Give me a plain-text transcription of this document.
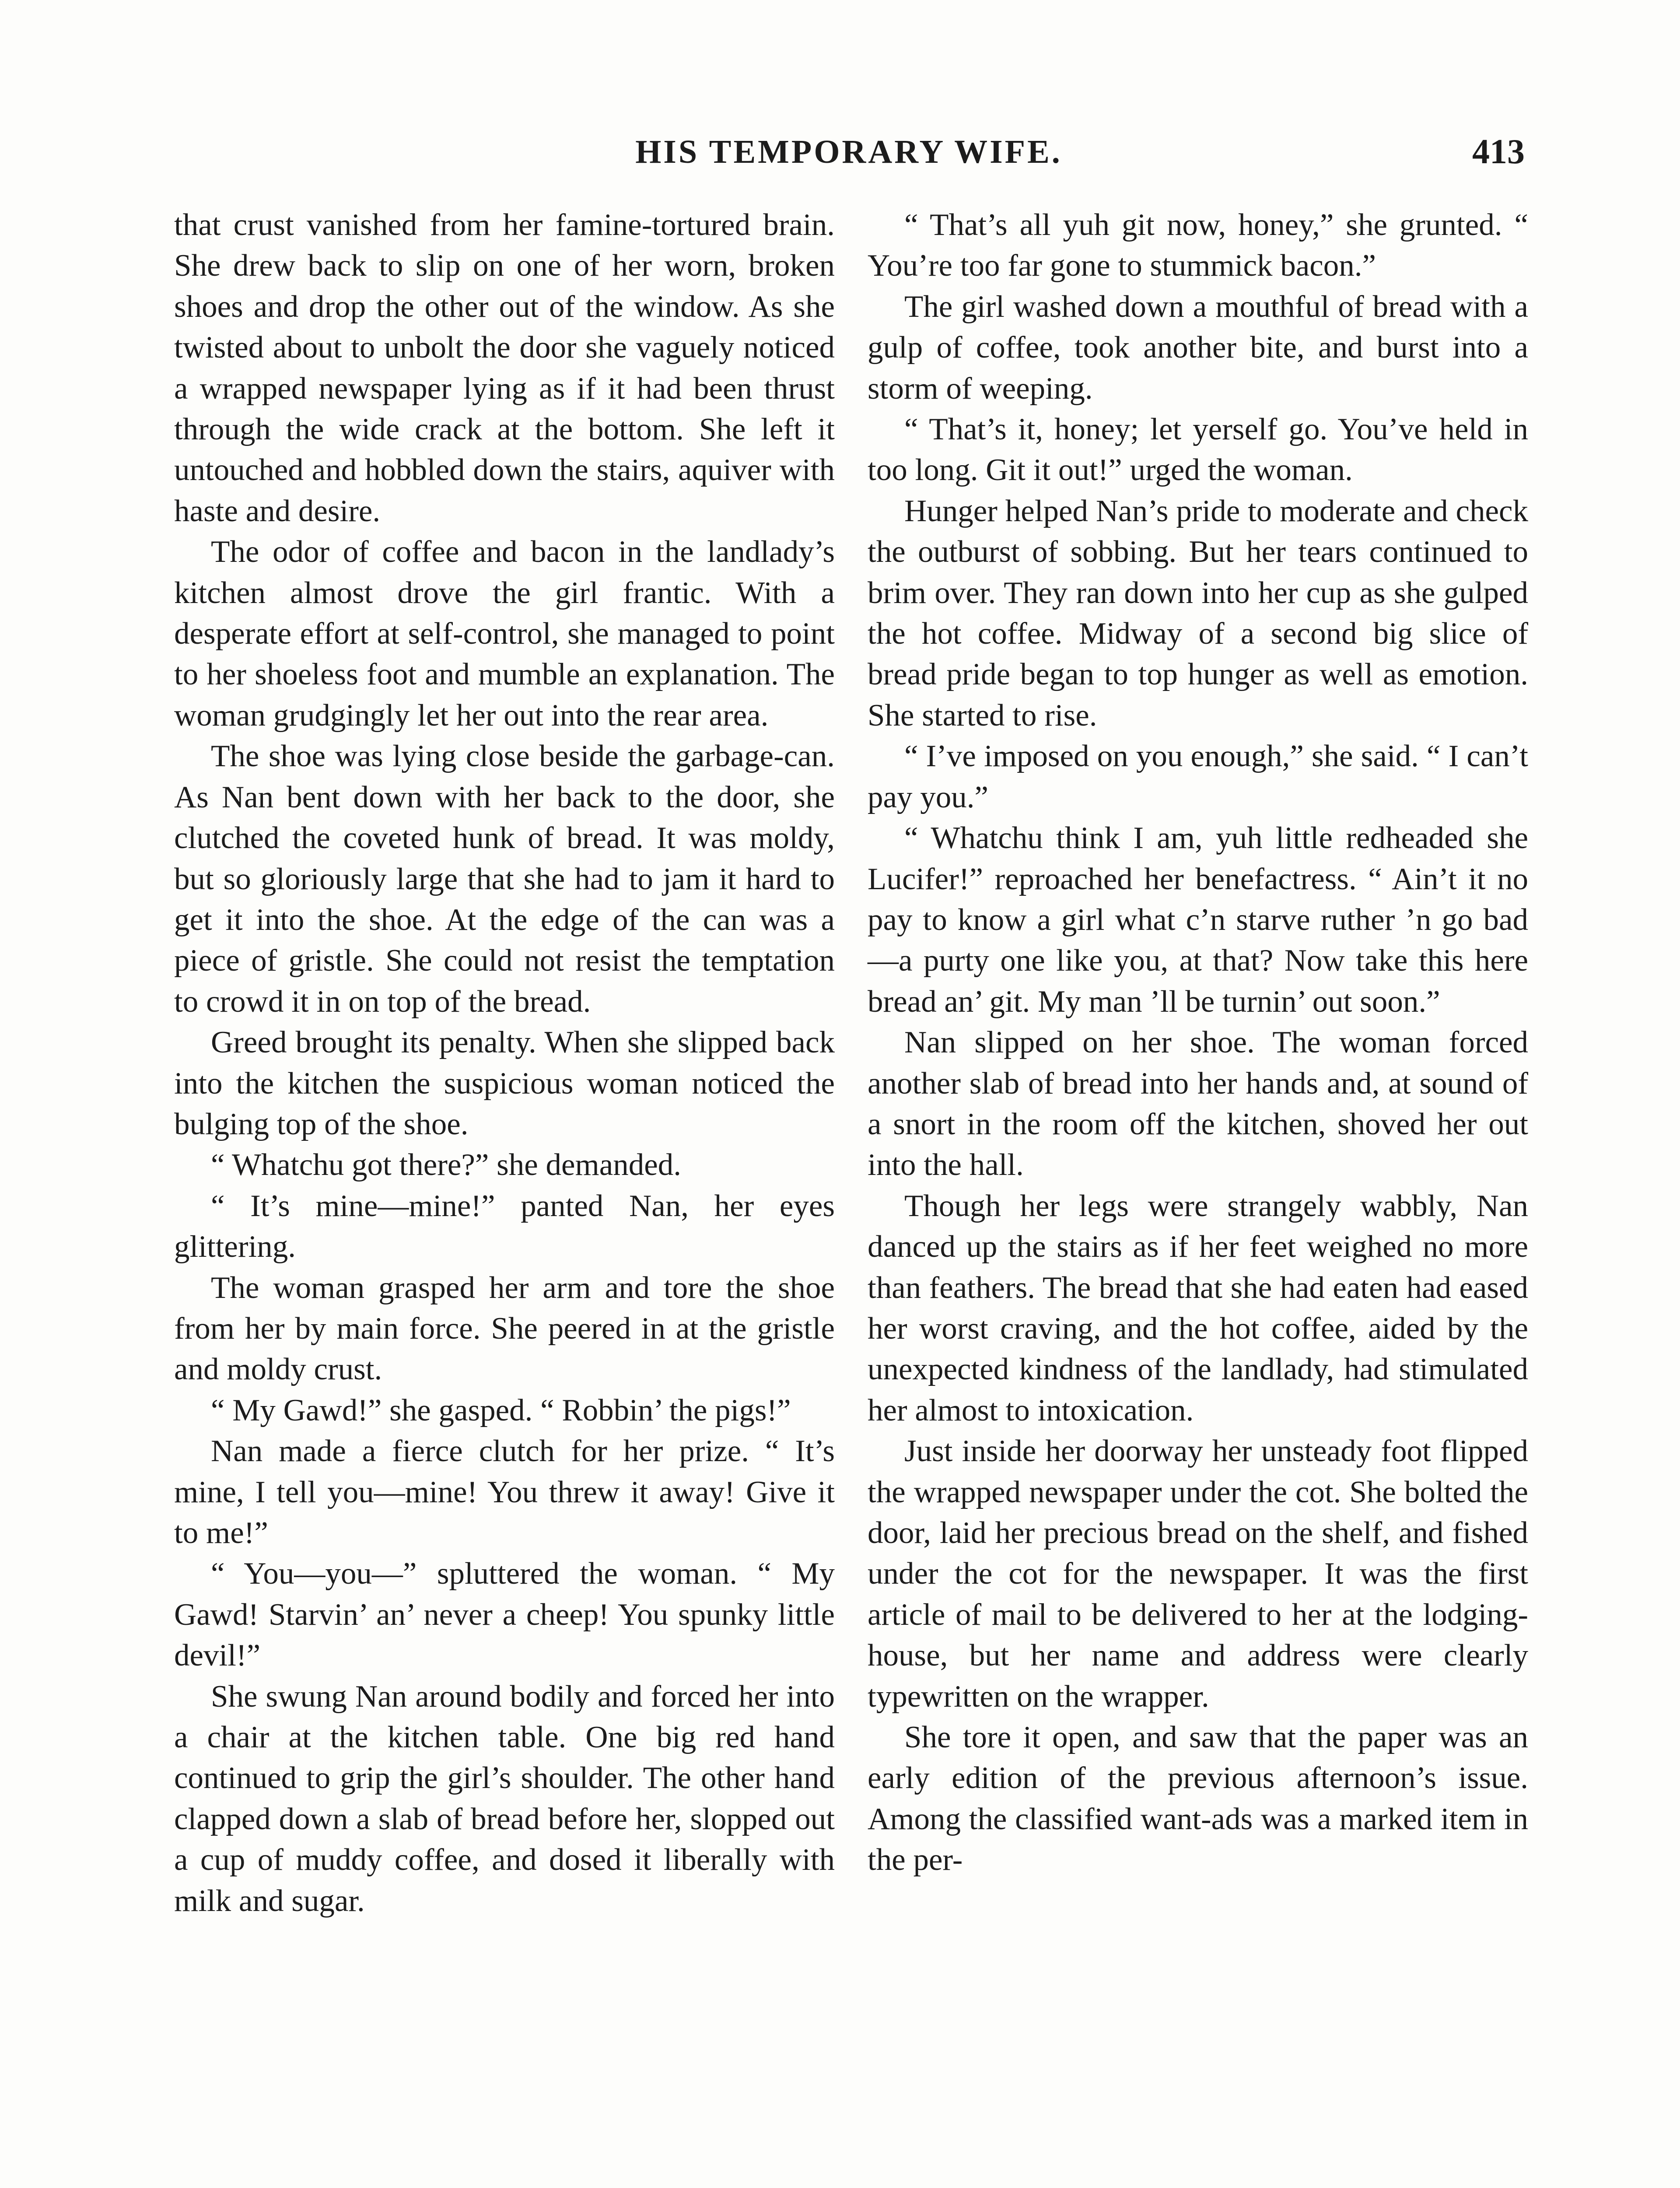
HIS TEMPORARY WIFE.	413

that crust vanished from her famine-tortured brain. She drew back to slip on one of her worn, broken shoes and drop the other out of the window. As she twisted about to unbolt the door she vaguely noticed a wrapped newspaper lying as if it had been thrust through the wide crack at the bottom. She left it untouched and hobbled down the stairs, aquiver with haste and desire.

The odor of coffee and bacon in the landlady’s kitchen almost drove the girl frantic. With a desperate effort at self-control, she managed to point to her shoeless foot and mumble an explanation. The woman grudgingly let her out into the rear area.

The shoe was lying close beside the garbage-can. As Nan bent down with her back to the door, she clutched the coveted hunk of bread. It was moldy, but so gloriously large that she had to jam it hard to get it into the shoe. At the edge of the can was a piece of gristle. She could not resist the temptation to crowd it in on top of the bread.

Greed brought its penalty. When she slipped back into the kitchen the suspicious woman noticed the bulging top of the shoe.

“ Whatchu got there?” she demanded.

“ It’s mine—mine!” panted Nan, her eyes glittering.

The woman grasped her arm and tore the shoe from her by main force. She peered in at the gristle and moldy crust.

“ My Gawd!” she gasped. “ Robbin’ the pigs!”

Nan made a fierce clutch for her prize. “ It’s mine, I tell you—mine! You threw it away! Give it to me!”

“ You—you—” spluttered the woman. “ My Gawd! Starvin’ an’ never a cheep! You spunky little devil!”

She swung Nan around bodily and forced her into a chair at the kitchen table. One big red hand continued to grip the girl’s shoulder. The other hand clapped down a slab of bread before her, slopped out a cup of muddy coffee, and dosed it liberally with milk and sugar.

“ That’s all yuh git now, honey,” she grunted. “ You’re too far gone to stummick bacon.”

The girl washed down a mouthful of bread with a gulp of coffee, took another bite, and burst into a storm of weeping.

“ That’s it, honey; let yerself go. You’ve held in too long. Git it out!” urged the woman.

Hunger helped Nan’s pride to moderate and check the outburst of sobbing. But her tears continued to brim over. They ran down into her cup as she gulped the hot coffee. Midway of a second big slice of bread pride began to top hunger as well as emotion. She started to rise.

“ I’ve imposed on you enough,” she said. “ I can’t pay you.”

“ Whatchu think I am, yuh little redheaded she Lucifer!” reproached her benefactress. “ Ain’t it no pay to know a girl what c’n starve ruther ’n go bad—a purty one like you, at that? Now take this here bread an’ git. My man ’ll be turnin’ out soon.”

Nan slipped on her shoe. The woman forced another slab of bread into her hands and, at sound of a snort in the room off the kitchen, shoved her out into the hall.

Though her legs were strangely wabbly, Nan danced up the stairs as if her feet weighed no more than feathers. The bread that she had eaten had eased her worst craving, and the hot coffee, aided by the unexpected kindness of the landlady, had stimulated her almost to intoxication.

Just inside her doorway her unsteady foot flipped the wrapped newspaper under the cot. She bolted the door, laid her precious bread on the shelf, and fished under the cot for the newspaper. It was the first article of mail to be delivered to her at the lodging-house, but her name and address were clearly typewritten on the wrapper.

She tore it open, and saw that the paper was an early edition of the previous afternoon’s issue. Among the classified want-ads was a marked item in the per-
